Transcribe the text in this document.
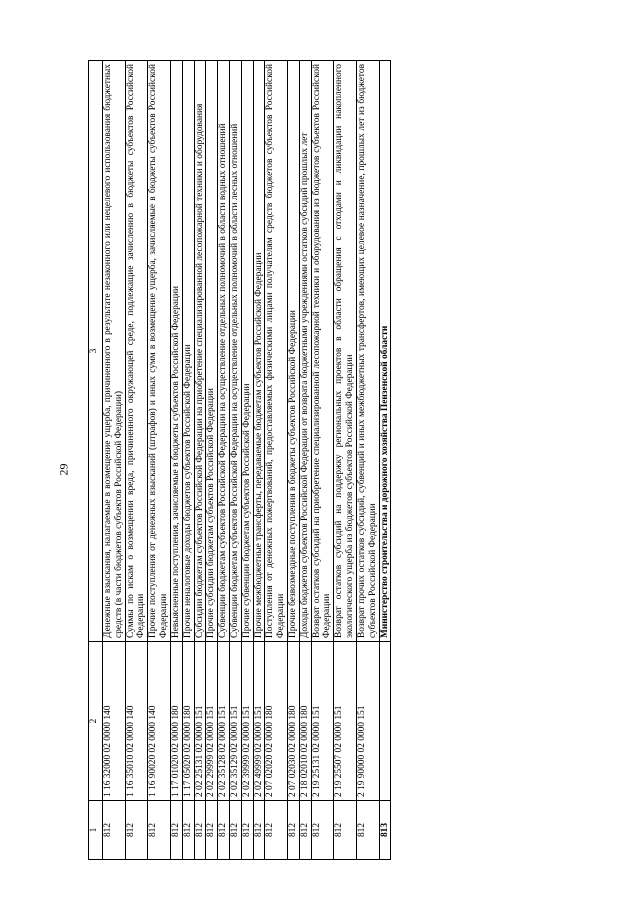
29
1	2	3
812	1 16 32000 02 0000 140	Денежные взыскания, налагаемые в возмещение ущерба, причиненного в результате незаконного или нецелевого использования бюджетных средств (в части бюджетов субъектов Российской Федерации)
812	1 16 35010 02 0000 140	Суммы по искам о возмещении вреда, причиненного окружающей среде, подлежащие зачислению в бюджеты субъектов Российской Федерации
812	1 16 90020 02 0000 140	Прочие поступления от денежных взысканий (штрафов) и иных сумм в возмещение ущерба, зачисляемые в бюджеты субъектов Российской Федерации
812	1 17 01020 02 0000 180	Невыясненные поступления, зачисляемые в бюджеты субъектов Российской Федерации
812	1 17 05020 02 0000 180	Прочие неналоговые доходы бюджетов субъектов Российской Федерации
812	2 02 25131 02 0000 151	Субсидии бюджетам субъектов Российской Федерации на приобретение специализированной лесопожарной техники и оборудования
812	2 02 29999 02 0000 151	Прочие субсидии бюджетам субъектов Российской Федерации
812	2 02 35128 02 0000 151	Субвенции бюджетам субъектов Российской Федерации на осуществление отдельных полномочий в области водных отношений
812	2 02 35129 02 0000 151	Субвенции бюджетам субъектов Российской Федерации на осуществление отдельных полномочий в области лесных отношений
812	2 02 39999 02 0000 151	Прочие субвенции бюджетам субъектов Российской Федерации
812	2 02 49999 02 0000 151	Прочие межбюджетные трансферты, передаваемые бюджетам субъектов Российской Федерации
812	2 07 02020 02 0000 180	Поступления от денежных пожертвований, предоставляемых физическими лицами получателям средств бюджетов субъектов Российской Федерации
812	2 07 02030 02 0000 180	Прочие безвозмездные поступления в бюджеты субъектов Российской Федерации
812	2 18 02010 02 0000 180	Доходы бюджетов субъектов Российской Федерации от возврата бюджетными учреждениями остатков субсидий прошлых лет
812	2 19 25131 02 0000 151	Возврат остатков субсидий на приобретение специализированной лесопожарной техники и оборудования из бюджетов субъектов Российской Федерации
812	2 19 25507 02 0000 151	Возврат остатков субсидий на поддержку региональных проектов в области обращения с отходами и ликвидации накопленного экологического ущерба из бюджетов субъектов Российской Федерации
812	2 19 90000 02 0000 151	Возврат прочих остатков субсидий, субвенций и иных межбюджетных трансфертов, имеющих целевое назначение, прошлых лет из бюджетов субъектов Российской Федерации
813		Министерство строительства и дорожного хозяйства Пензенской области
